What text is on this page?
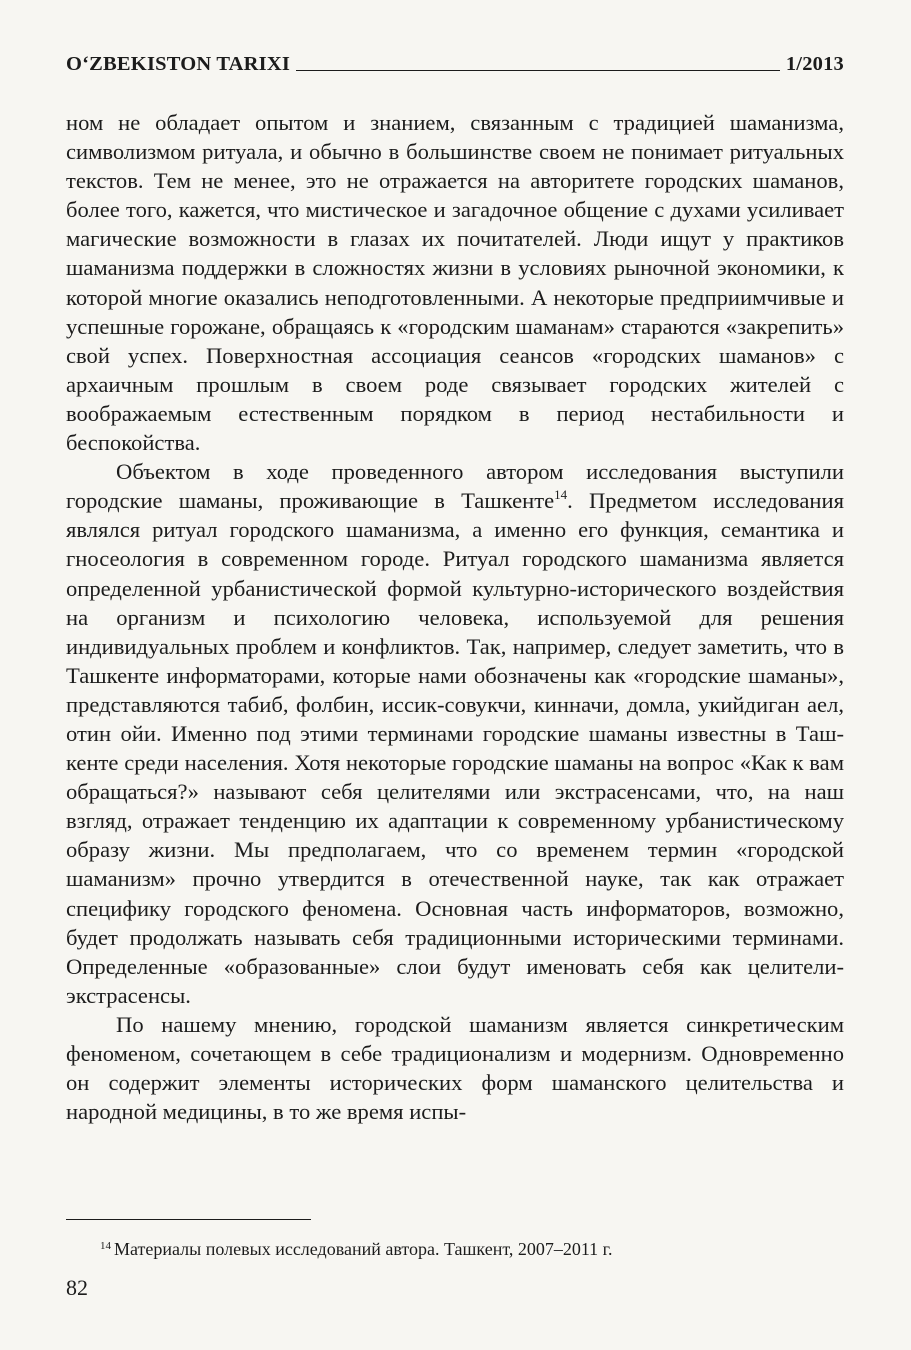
O‘ZBEKISTON TARIXI	1/2013

ном не обладает опытом и знанием, связанным с традицией шаманизма, символизмом ритуала, и обычно в большинстве своем не понимает ритуальных текстов. Тем не менее, это не отражается на авторитете городских шаманов, более того, кажется, что мистическое и загадочное общение с духами усиливает магические возможности в глазах их почитателей. Люди ищут у практиков шаманизма поддержки в сложностях жизни в условиях рыночной экономики, к которой многие оказались неподготовленными. А некоторые предприимчивые и успешные горожане, обращаясь к «городским шаманам» стараются «закрепить» свой успех. Поверхностная ассоциация сеансов «городских шаманов» с архаичным прошлым в своем роде связывает городских жителей с воображаемым естественным порядком в период нестабильности и беспокойства.

Объектом в ходе проведенного автором исследования выступили городские шаманы, проживающие в Ташкенте$^{14}$. Предметом исследования являлся ритуал городского шаманизма, а именно его функция, семантика и гносеология в современном городе. Ритуал городского шаманизма является определенной урбанистической формой культурно-исторического воздействия на организм и психологию человека, используемой для решения индивидуальных проблем и конфликтов. Так, например, следует заметить, что в Ташкенте информаторами, которые нами обозначены как «городские шаманы», представляются табиб, фолбин, иссик-совукчи, кинначи, домла, укийдиган аел, отин ойи. Именно под этими терминами городские шаманы известны в Ташкенте среди населения. Хотя некоторые городские шаманы на вопрос «Как к вам обращаться?» называют себя целителями или экстрасенсами, что, на наш взгляд, отражает тенденцию их адаптации к современному урбанистическому образу жизни. Мы предполагаем, что со временем термин «городской шаманизм» прочно утвердится в отечественной науке, так как отражает специфику городского феномена. Основная часть информаторов, возможно, будет продолжать называть себя традиционными историческими терминами. Определенные «образованные» слои будут именовать себя как целители-экстрасенсы.

По нашему мнению, городской шаманизм является синкретическим феноменом, сочетающем в себе традиционализм и модернизм. Одновременно он содержит элементы исторических форм шаманского целительства и народной медицины, в то же время испы-

$^{14}$ Материалы полевых исследований автора. Ташкент, 2007–2011 г.
82
